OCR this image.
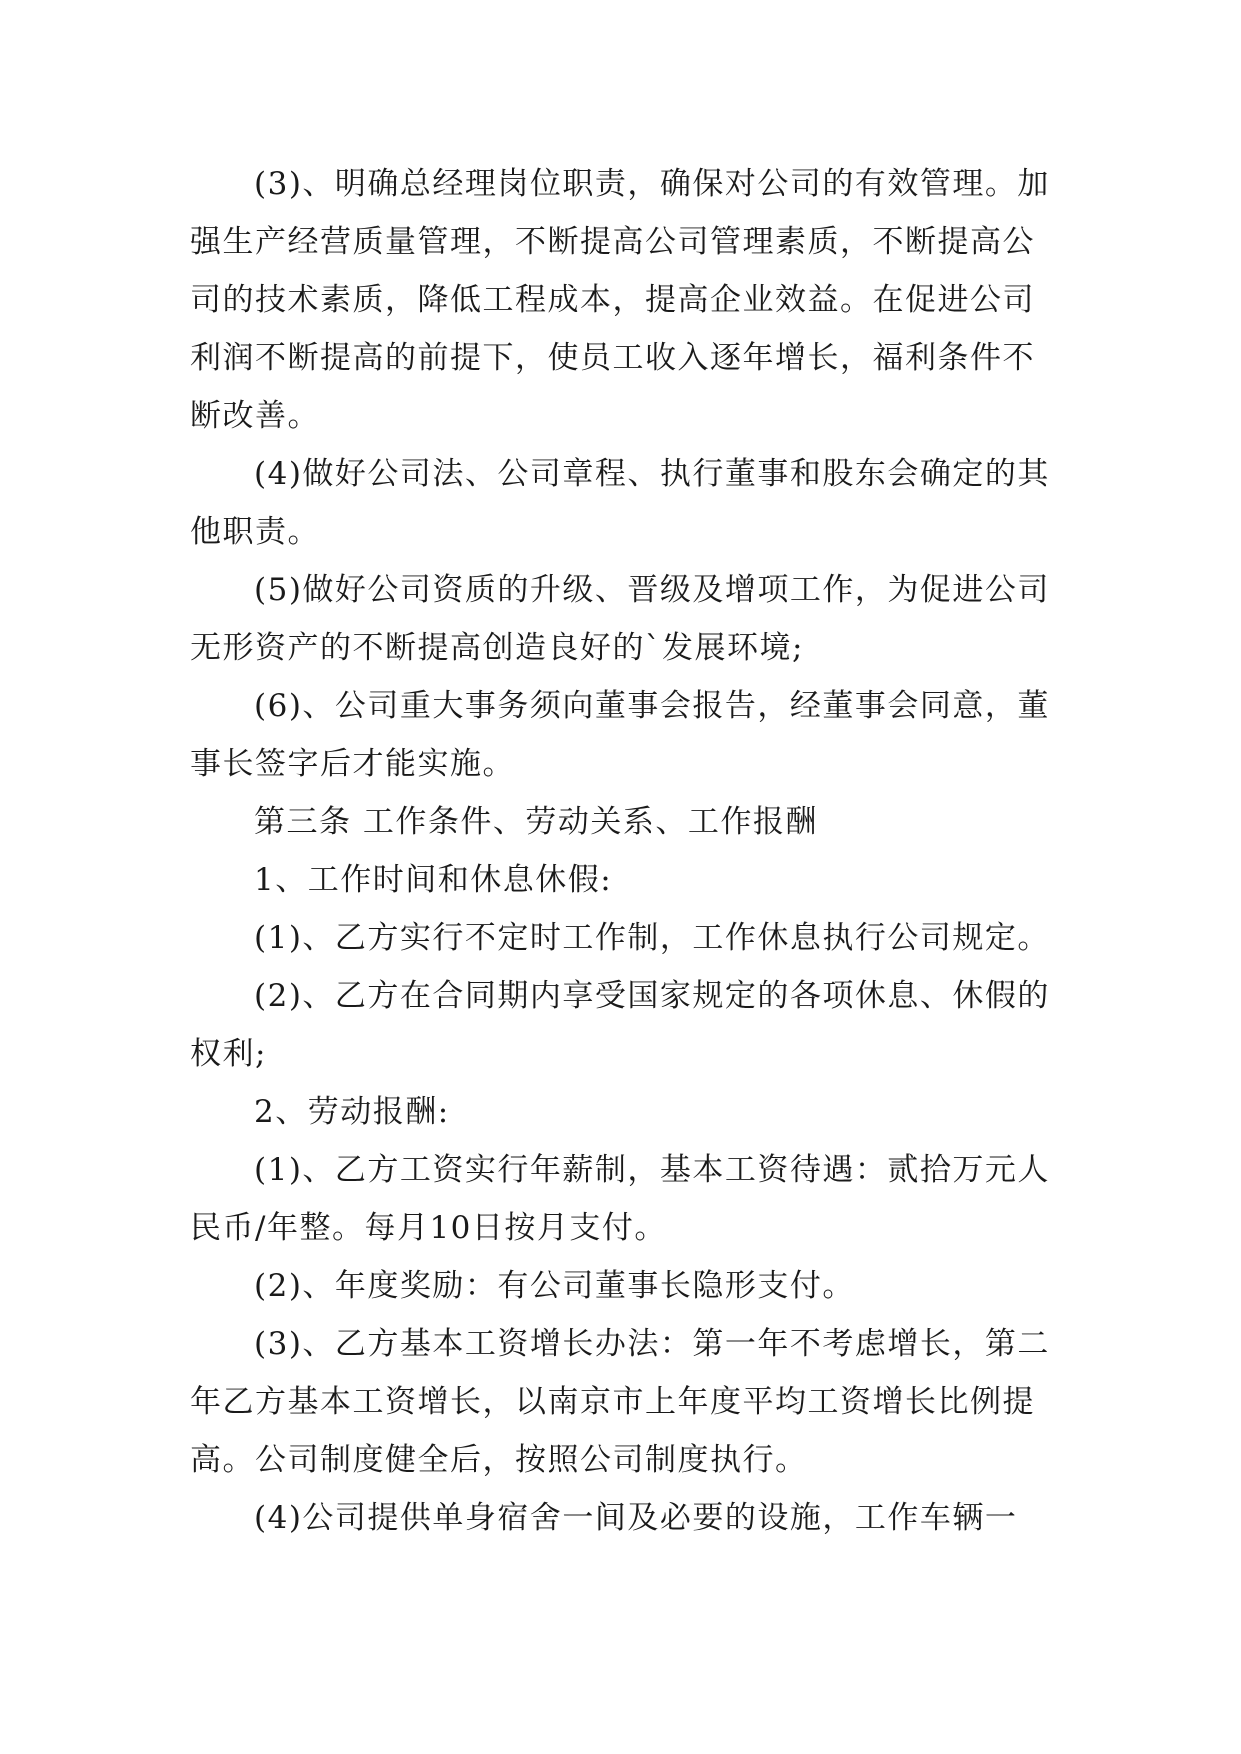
(3)、明确总经理岗位职责，确保对公司的有效管理。加强生产经营质量管理，不断提高公司管理素质，不断提高公司的技术素质，降低工程成本，提高企业效益。在促进公司利润不断提高的前提下，使员工收入逐年增长，福利条件不断改善。

(4)做好公司法、公司章程、执行董事和股东会确定的其他职责。

(5)做好公司资质的升级、晋级及增项工作，为促进公司无形资产的不断提高创造良好的`发展环境;

(6)、公司重大事务须向董事会报告，经董事会同意，董事长签字后才能实施。

第三条 工作条件、劳动关系、工作报酬

1、工作时间和休息休假:

(1)、乙方实行不定时工作制，工作休息执行公司规定。

(2)、乙方在合同期内享受国家规定的各项休息、休假的权利;

2、劳动报酬:

(1)、乙方工资实行年薪制，基本工资待遇：贰拾万元人民币/年整。每月10日按月支付。

(2)、年度奖励：有公司董事长隐形支付。

(3)、乙方基本工资增长办法：第一年不考虑增长，第二年乙方基本工资增长，以南京市上年度平均工资增长比例提高。公司制度健全后，按照公司制度执行。

(4)公司提供单身宿舍一间及必要的设施，工作车辆一
